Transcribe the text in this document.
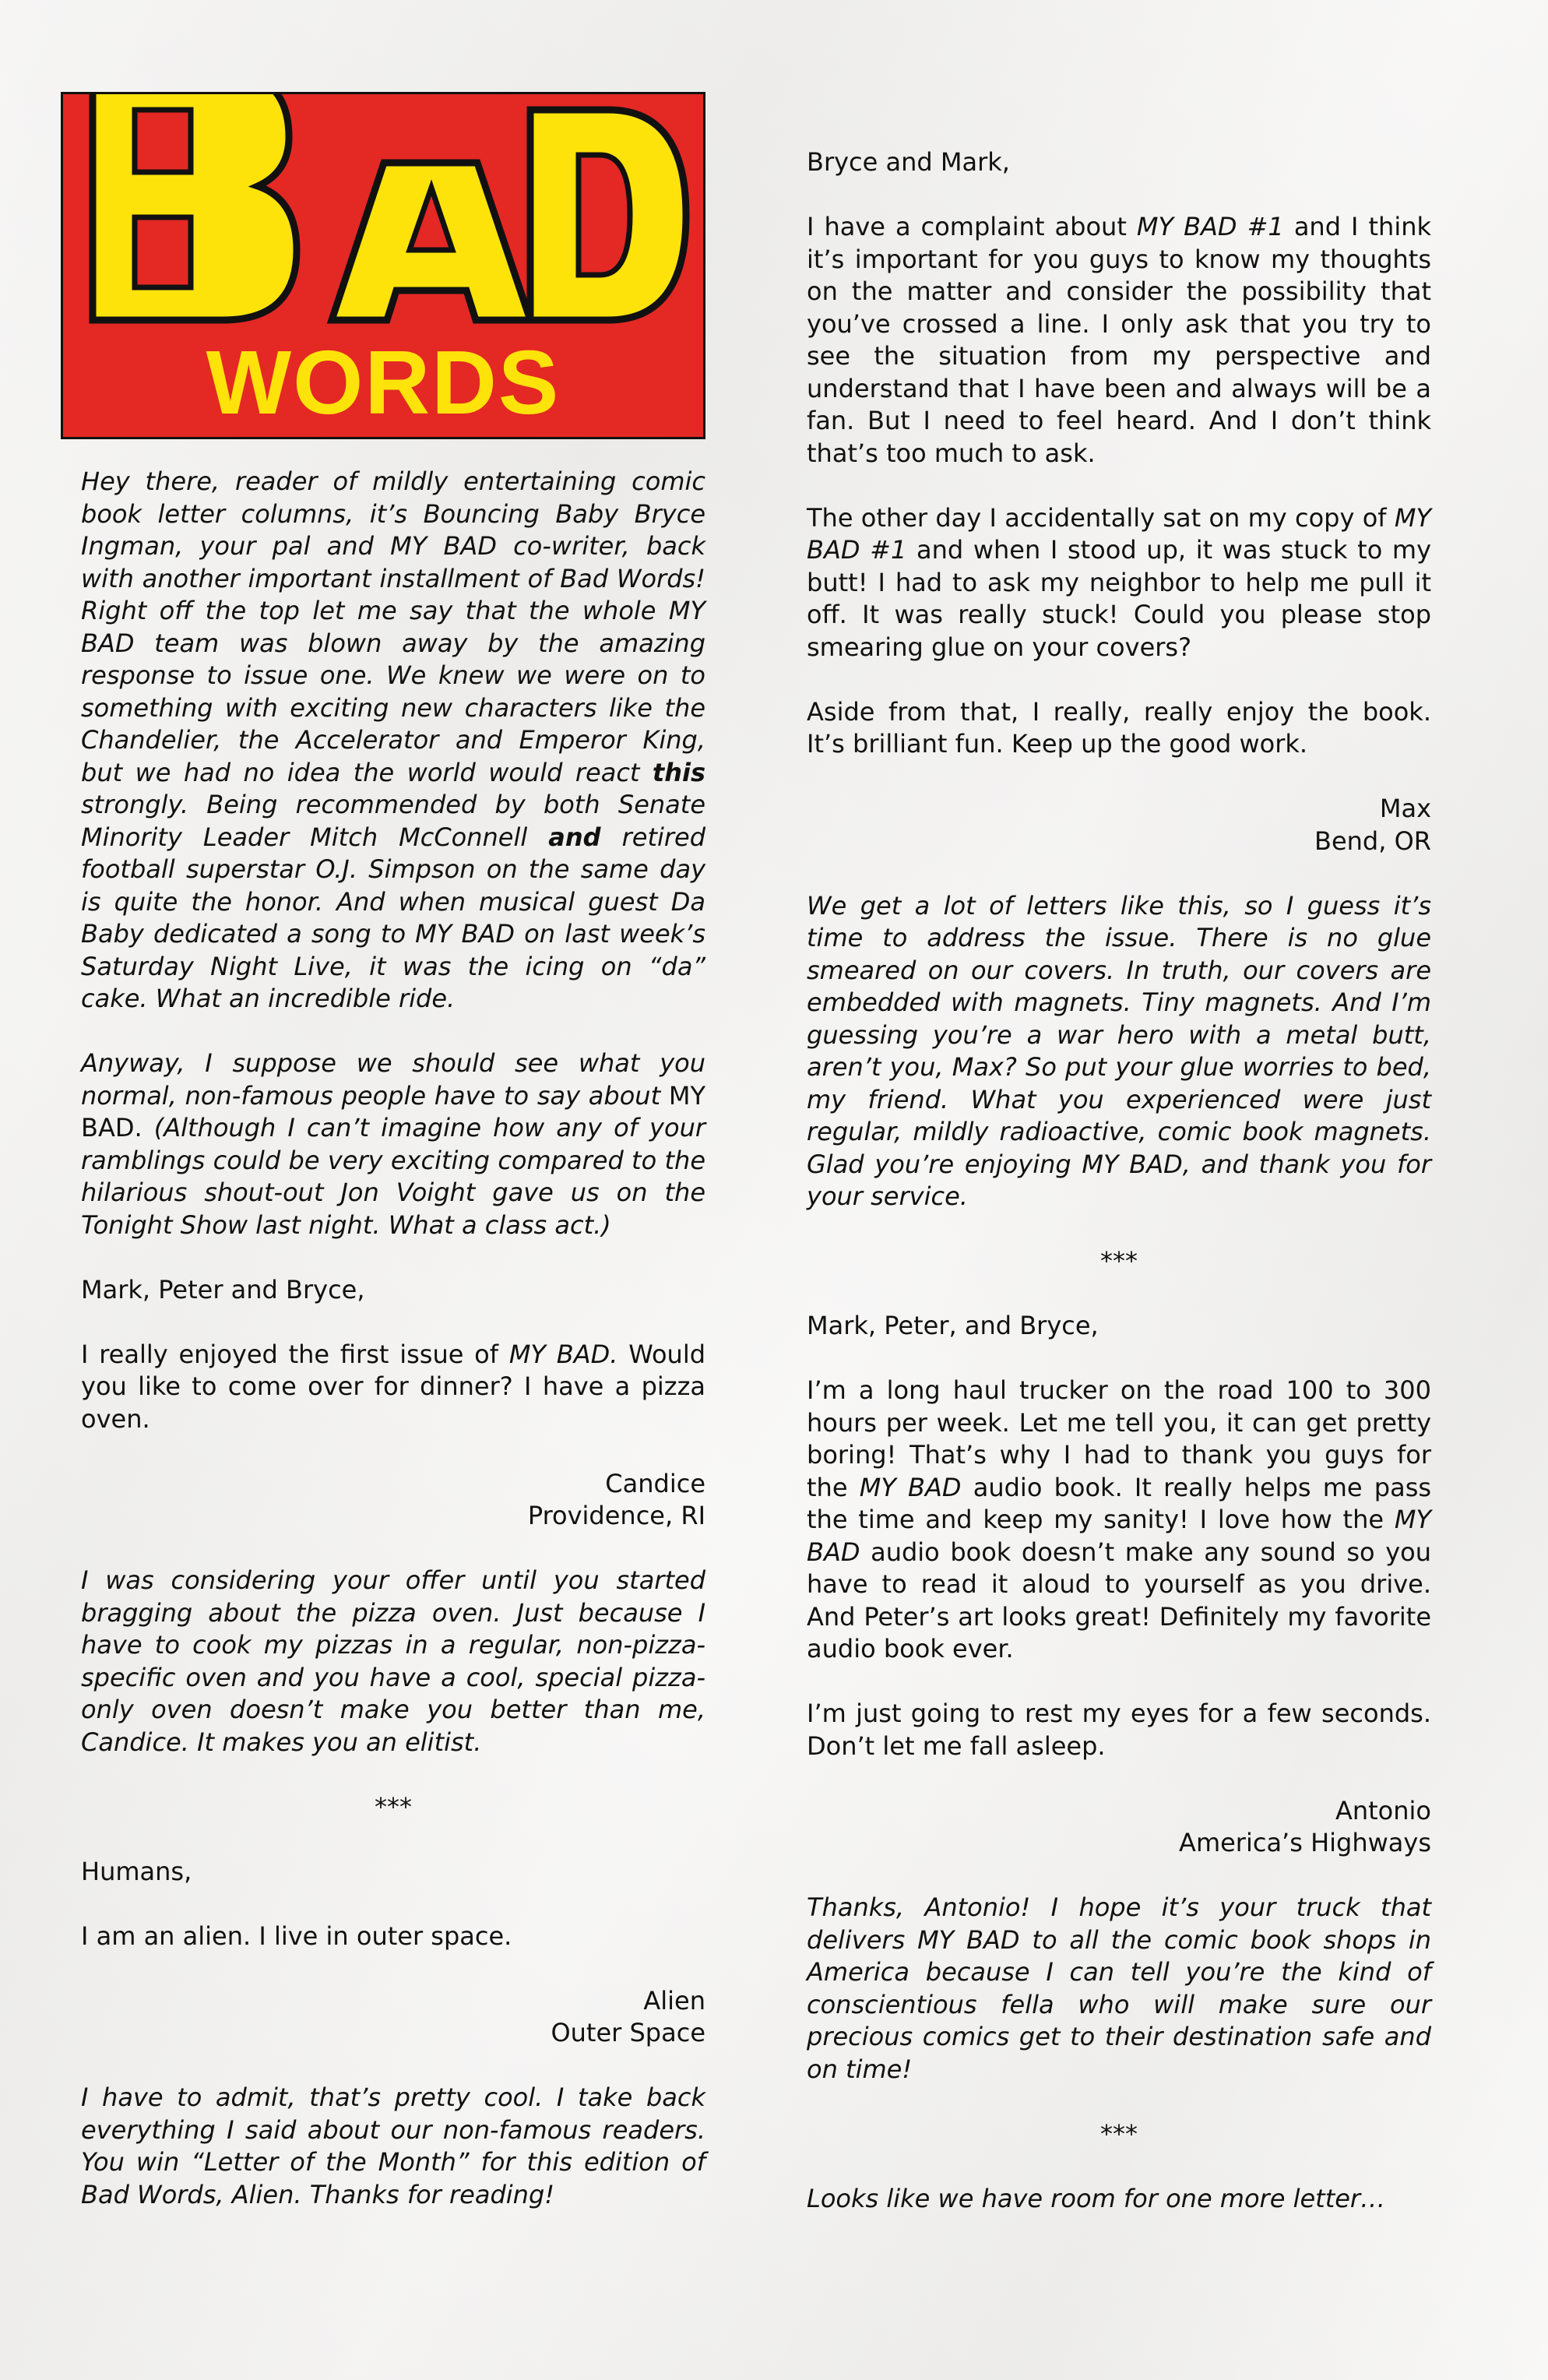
WORDS

Hey there, reader of mildly entertaining comic book letter columns, it’s Bouncing Baby Bryce Ingman, your pal and MY BAD co-writer, back with another important installment of Bad Words! Right off the top let me say that the whole MY BAD team was blown away by the amazing response to issue one. We knew we were on to something with exciting new characters like the Chandelier, the Accelerator and Emperor King, but we had no idea the world would react this strongly. Being recommended by both Senate Minority Leader Mitch McConnell and retired football superstar O.J. Simpson on the same day is quite the honor. And when musical guest Da Baby dedicated a song to MY BAD on last week’s Saturday Night Live, it was the icing on “da” cake. What an incredible ride.

Anyway, I suppose we should see what you normal, non-famous people have to say about MY BAD. (Although I can’t imagine how any of your ramblings could be very exciting compared to the hilarious shout-out Jon Voight gave us on the Tonight Show last night. What a class act.)

Mark, Peter and Bryce,

I really enjoyed the first issue of MY BAD. Would you like to come over for dinner? I have a pizza oven.

Candice
Providence, RI

I was considering your offer until you started bragging about the pizza oven. Just because I have to cook my pizzas in a regular, non-pizza-specific oven and you have a cool, special pizza-only oven doesn’t make you better than me, Candice. It makes you an elitist.

***

Humans,

I am an alien. I live in outer space.

Alien
Outer Space

I have to admit, that’s pretty cool. I take back everything I said about our non-famous readers. You win “Letter of the Month” for this edition of Bad Words, Alien. Thanks for reading!

Bryce and Mark,

I have a complaint about MY BAD #1 and I think it’s important for you guys to know my thoughts on the matter and consider the possibility that you’ve crossed a line. I only ask that you try to see the situation from my perspective and understand that I have been and always will be a fan. But I need to feel heard. And I don’t think that’s too much to ask.

The other day I accidentally sat on my copy of MY BAD #1 and when I stood up, it was stuck to my butt! I had to ask my neighbor to help me pull it off. It was really stuck! Could you please stop smearing glue on your covers?

Aside from that, I really, really enjoy the book. It’s brilliant fun. Keep up the good work.

Max
Bend, OR

We get a lot of letters like this, so I guess it’s time to address the issue. There is no glue smeared on our covers. In truth, our covers are embedded with magnets. Tiny magnets. And I’m guessing you’re a war hero with a metal butt, aren’t you, Max? So put your glue worries to bed, my friend. What you experienced were just regular, mildly radioactive, comic book magnets. Glad you’re enjoying MY BAD, and thank you for your service.

***

Mark, Peter, and Bryce,

I’m a long haul trucker on the road 100 to 300 hours per week. Let me tell you, it can get pretty boring! That’s why I had to thank you guys for the MY BAD audio book. It really helps me pass the time and keep my sanity! I love how the MY BAD audio book doesn’t make any sound so you have to read it aloud to yourself as you drive. And Peter’s art looks great! Definitely my favorite audio book ever.

I’m just going to rest my eyes for a few seconds. Don’t let me fall asleep.

Antonio
America’s Highways

Thanks, Antonio! I hope it’s your truck that delivers MY BAD to all the comic book shops in America because I can tell you’re the kind of conscientious fella who will make sure our precious comics get to their destination safe and on time!

***

Looks like we have room for one more letter…
